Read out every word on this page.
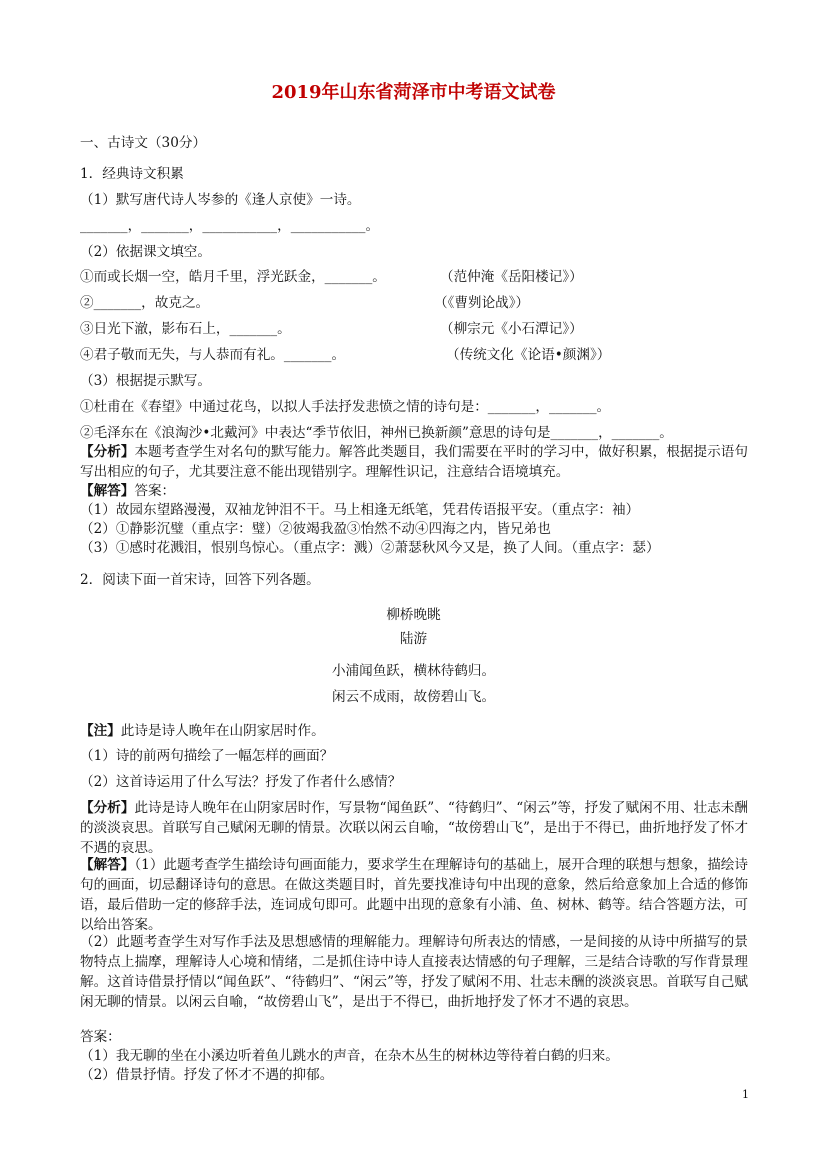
2019年山东省菏泽市中考语文试卷
一、古诗文（30分）
1．经典诗文积累
（1）默写唐代诗人岑参的《逢人京使》一诗。
_______，_______，___________，___________。
（2）依据课文填空。
①而或长烟一空，皓月千里，浮光跃金，_______。	（范仲淹《岳阳楼记》）
②_______，故克之。	（《曹刿论战》）
③日光下澈，影布石上，_______。	（柳宗元《小石潭记》）
④君子敬而无失，与人恭而有礼。_______。	（传统文化《论语•颜渊》）
（3）根据提示默写。
①杜甫在《春望》中通过花鸟，以拟人手法抒发悲愤之情的诗句是：_______，_______。
②毛泽东在《浪淘沙•北戴河》中表达“季节依旧，神州已换新颜”意思的诗句是_______，_______。
【分析】本题考查学生对名句的默写能力。解答此类题目，我们需要在平时的学习中，做好积累，根据提示语句写出相应的句子，尤其要注意不能出现错别字。理解性识记，注意结合语境填充。
【解答】答案：
（1）故园东望路漫漫，双袖龙钟泪不干。马上相逢无纸笔，凭君传语报平安。（重点字：袖）
（2）①静影沉璧（重点字：璧）②彼竭我盈③怡然不动④四海之内，皆兄弟也
（3）①感时花溅泪，恨别鸟惊心。（重点字：溅）②萧瑟秋风今又是，换了人间。（重点字：瑟）
2．阅读下面一首宋诗，回答下列各题。
柳桥晚眺
陆游
小浦闻鱼跃，横林待鹤归。
闲云不成雨，故傍碧山飞。
【注】此诗是诗人晚年在山阴家居时作。
（1）诗的前两句描绘了一幅怎样的画面？
（2）这首诗运用了什么写法？抒发了作者什么感情？
【分析】此诗是诗人晚年在山阴家居时作，写景物“闻鱼跃”、“待鹤归”、“闲云”等，抒发了赋闲不用、壮志未酬的淡淡哀思。首联写自己赋闲无聊的情景。次联以闲云自喻，“故傍碧山飞”，是出于不得已，曲折地抒发了怀才不遇的哀思。
【解答】（1）此题考查学生描绘诗句画面能力，要求学生在理解诗句的基础上，展开合理的联想与想象，描绘诗句的画面，切忌翻译诗句的意思。在做这类题目时，首先要找准诗句中出现的意象，然后给意象加上合适的修饰语，最后借助一定的修辞手法，连词成句即可。此题中出现的意象有小浦、鱼、树林、鹤等。结合答题方法，可以给出答案。
（2）此题考查学生对写作手法及思想感情的理解能力。理解诗句所表达的情感，一是间接的从诗中所描写的景物特点上揣摩，理解诗人心境和情绪，二是抓住诗中诗人直接表达情感的句子理解，三是结合诗歌的写作背景理解。这首诗借景抒情以“闻鱼跃”、“待鹤归”、“闲云”等，抒发了赋闲不用、壮志未酬的淡淡哀思。首联写自己赋闲无聊的情景。以闲云自喻，“故傍碧山飞”，是出于不得已，曲折地抒发了怀才不遇的哀思。
答案：
（1）我无聊的坐在小溪边听着鱼儿跳水的声音，在杂木丛生的树林边等待着白鹤的归来。
（2）借景抒情。抒发了怀才不遇的抑郁。
1
